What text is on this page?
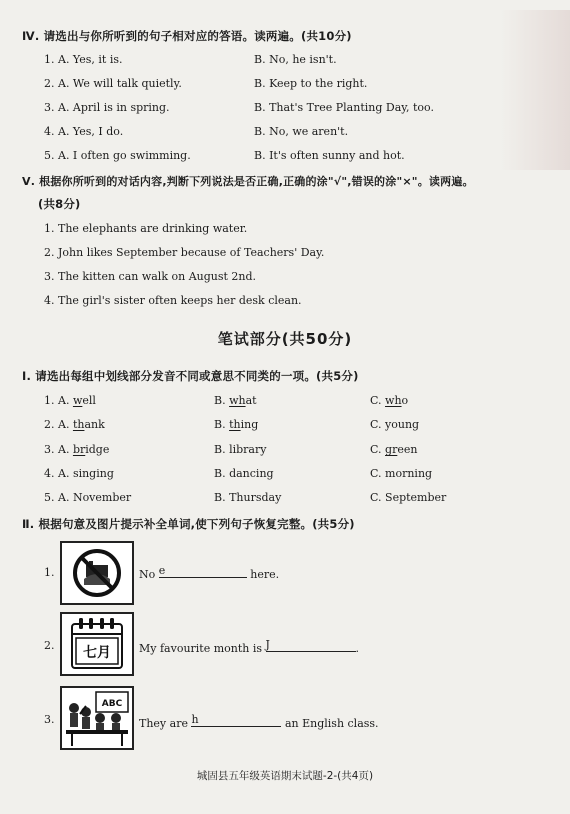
Ⅳ. 请选出与你所听到的句子相对应的答语。读两遍。(共10分)
1. A. Yes, it is.	B. No, he isn't.
2. A. We will talk quietly.	B. Keep to the right.
3. A. April is in spring.	B. That's Tree Planting Day, too.
4. A. Yes, I do.	B. No, we aren't.
5. A. I often go swimming.	B. It's often sunny and hot.
Ⅴ. 根据你所听到的对话内容,判断下列说法是否正确,正确的涂"√",错误的涂"×"。读两遍。
(共8分)
1. The elephants are drinking water.
2. John likes September because of Teachers' Day.
3. The kitten can walk on August 2nd.
4. The girl's sister often keeps her desk clean.
笔试部分(共50分)
Ⅰ. 请选出每组中划线部分发音不同或意思不同类的一项。(共5分)
1. A. well	B. what	C. who
2. A. thank	B. thing	C. young
3. A. bridge	B. library	C. green
4. A. singing	B. dancing	C. morning
5. A. November	B. Thursday	C. September
Ⅱ. 根据句意及图片提示补全单词,使下列句子恢复完整。(共5分)
1.	No e	here.
2. 七月	My favourite month is J	.
3.
ABC
They are h	an English class.
城固县五年级英语期末试题-2-(共4页)
